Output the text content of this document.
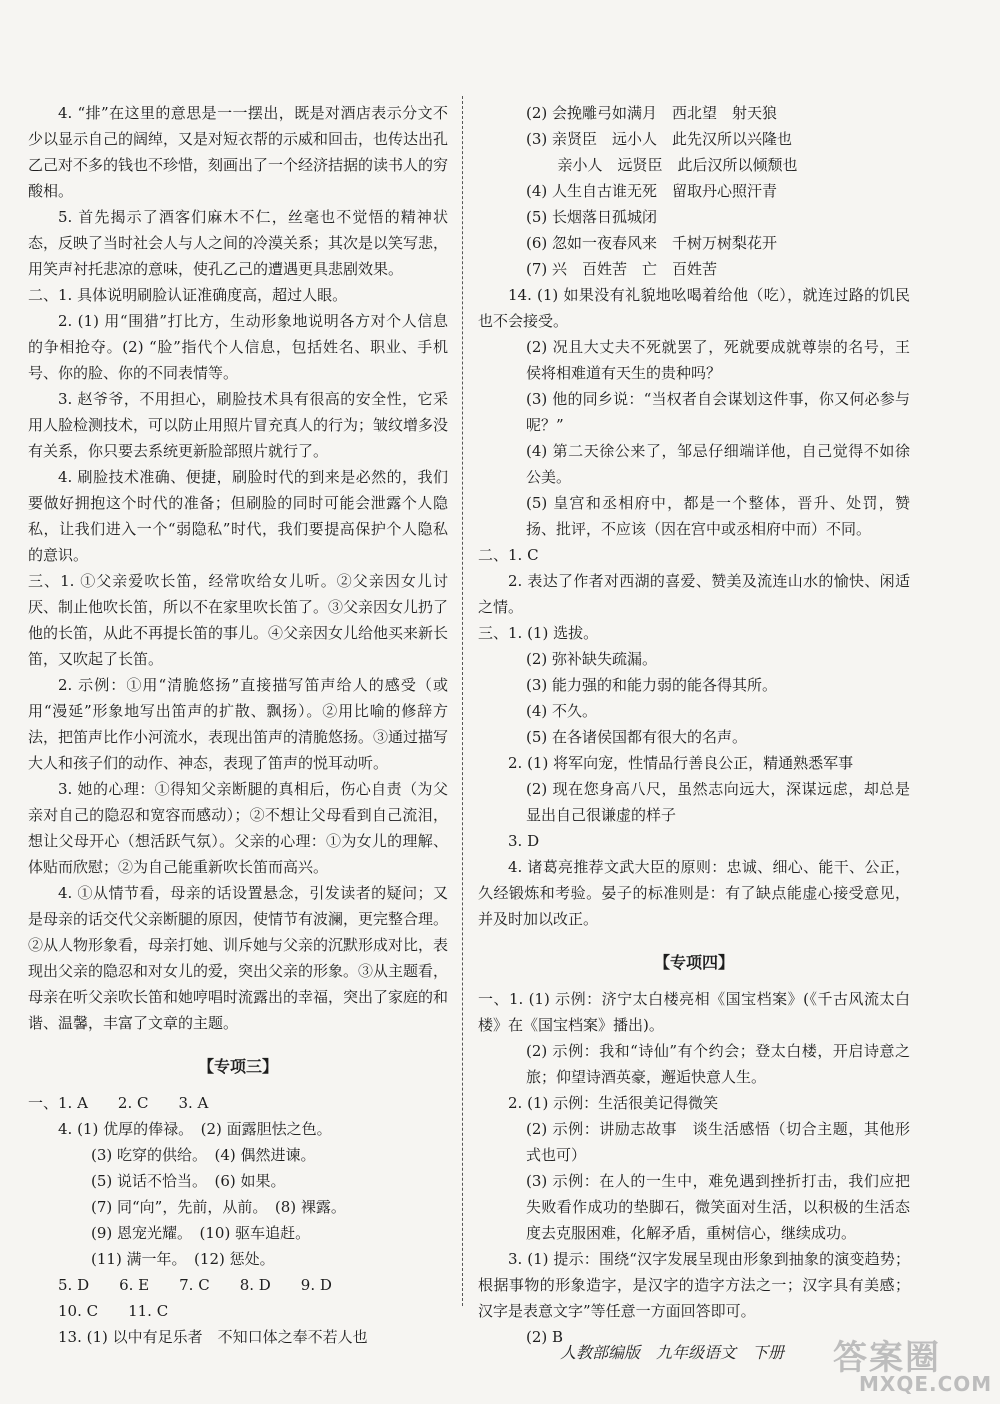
4. “排”在这里的意思是一一摆出，既是对酒店表示分文不少以显示自己的阔绰，又是对短衣帮的示威和回击，也传达出孔乙己对不多的钱也不珍惜，刻画出了一个经济拮据的读书人的穷酸相。

5. 首先揭示了酒客们麻木不仁，丝毫也不觉悟的精神状态，反映了当时社会人与人之间的冷漠关系；其次是以笑写悲，用笑声衬托悲凉的意味，使孔乙己的遭遇更具悲剧效果。

二、1. 具体说明刷脸认证准确度高，超过人眼。

2. (1) 用“围猎”打比方，生动形象地说明各方对个人信息的争相抢夺。(2) “脸”指代个人信息，包括姓名、职业、手机号、你的脸、你的不同表情等。

3. 赵爷爷，不用担心，刷脸技术具有很高的安全性，它采用人脸检测技术，可以防止用照片冒充真人的行为；皱纹增多没有关系，你只要去系统更新脸部照片就行了。

4. 刷脸技术准确、便捷，刷脸时代的到来是必然的，我们要做好拥抱这个时代的准备；但刷脸的同时可能会泄露个人隐私，让我们进入一个“弱隐私”时代，我们要提高保护个人隐私的意识。

三、1. ①父亲爱吹长笛，经常吹给女儿听。②父亲因女儿讨厌、制止他吹长笛，所以不在家里吹长笛了。③父亲因女儿扔了他的长笛，从此不再提长笛的事儿。④父亲因女儿给他买来新长笛，又吹起了长笛。

2. 示例：①用“清脆悠扬”直接描写笛声给人的感受（或用“漫延”形象地写出笛声的扩散、飘扬）。②用比喻的修辞方法，把笛声比作小河流水，表现出笛声的清脆悠扬。③通过描写大人和孩子们的动作、神态，表现了笛声的悦耳动听。

3. 她的心理：①得知父亲断腿的真相后，伤心自责（为父亲对自己的隐忍和宽容而感动）；②不想让父母看到自己流泪，想让父母开心（想活跃气氛）。父亲的心理：①为女儿的理解、体贴而欣慰；②为自己能重新吹长笛而高兴。

4. ①从情节看，母亲的话设置悬念，引发读者的疑问；又是母亲的话交代父亲断腿的原因，使情节有波澜，更完整合理。②从人物形象看，母亲打她、训斥她与父亲的沉默形成对比，表现出父亲的隐忍和对女儿的爱，突出父亲的形象。③从主题看，母亲在听父亲吹长笛和她哼唱时流露出的幸福，突出了家庭的和谐、温馨，丰富了文章的主题。

【专项三】

一、1. A　　2. C　　3. A

4. (1) 优厚的俸禄。　(2) 面露胆怯之色。

(3) 吃穿的供给。　(4) 偶然进谏。

(5) 说话不恰当。　(6) 如果。

(7) 同“向”，先前，从前。　(8) 裸露。

(9) 恩宠光耀。　(10) 驱车追赶。

(11) 满一年。　(12) 惩处。

5. D　　6. E　　7. C　　8. D　　9. D

10. C　　11. C

13. (1) 以中有足乐者　不知口体之奉不若人也

(2) 会挽雕弓如满月　西北望　射天狼

(3) 亲贤臣　远小人　此先汉所以兴隆也

亲小人　远贤臣　此后汉所以倾颓也

(4) 人生自古谁无死　留取丹心照汗青

(5) 长烟落日孤城闭

(6) 忽如一夜春风来　千树万树梨花开

(7) 兴　百姓苦　亡　百姓苦

14. (1) 如果没有礼貌地吆喝着给他（吃），就连过路的饥民也不会接受。

(2) 况且大丈夫不死就罢了，死就要成就尊崇的名号，王侯将相难道有天生的贵种吗？

(3) 他的同乡说：“当权者自会谋划这件事，你又何必参与呢？”

(4) 第二天徐公来了，邹忌仔细端详他，自己觉得不如徐公美。

(5) 皇宫和丞相府中，都是一个整体，晋升、处罚，赞扬、批评，不应该（因在宫中或丞相府中而）不同。

二、1. C

2. 表达了作者对西湖的喜爱、赞美及流连山水的愉快、闲适之情。

三、1. (1) 选拔。

(2) 弥补缺失疏漏。

(3) 能力强的和能力弱的能各得其所。

(4) 不久。

(5) 在各诸侯国都有很大的名声。

2. (1) 将军向宠，性情品行善良公正，精通熟悉军事

(2) 现在您身高八尺，虽然志向远大，深谋远虑，却总是显出自己很谦虚的样子

3. D

4. 诸葛亮推荐文武大臣的原则：忠诚、细心、能干、公正，久经锻炼和考验。晏子的标准则是：有了缺点能虚心接受意见，并及时加以改正。

【专项四】

一、1. (1) 示例：济宁太白楼亮相《国宝档案》(《千古风流太白楼》在《国宝档案》播出)。

(2) 示例：我和“诗仙”有个约会；登太白楼，开启诗意之旅；仰望诗酒英豪，邂逅快意人生。

2. (1) 示例：生活很美记得微笑

(2) 示例：讲励志故事　谈生活感悟（切合主题，其他形式也可）

(3) 示例：在人的一生中，难免遇到挫折打击，我们应把失败看作成功的垫脚石，微笑面对生活，以积极的生活态度去克服困难，化解矛盾，重树信心，继续成功。

3. (1) 提示：围绕“汉字发展呈现由形象到抽象的演变趋势；根据事物的形象造字，是汉字的造字方法之一；汉字具有美感；汉字是表意文字”等任意一方面回答即可。

(2) B

人教部编版　九年级语文　下册 答案圈
MXQE.COM
